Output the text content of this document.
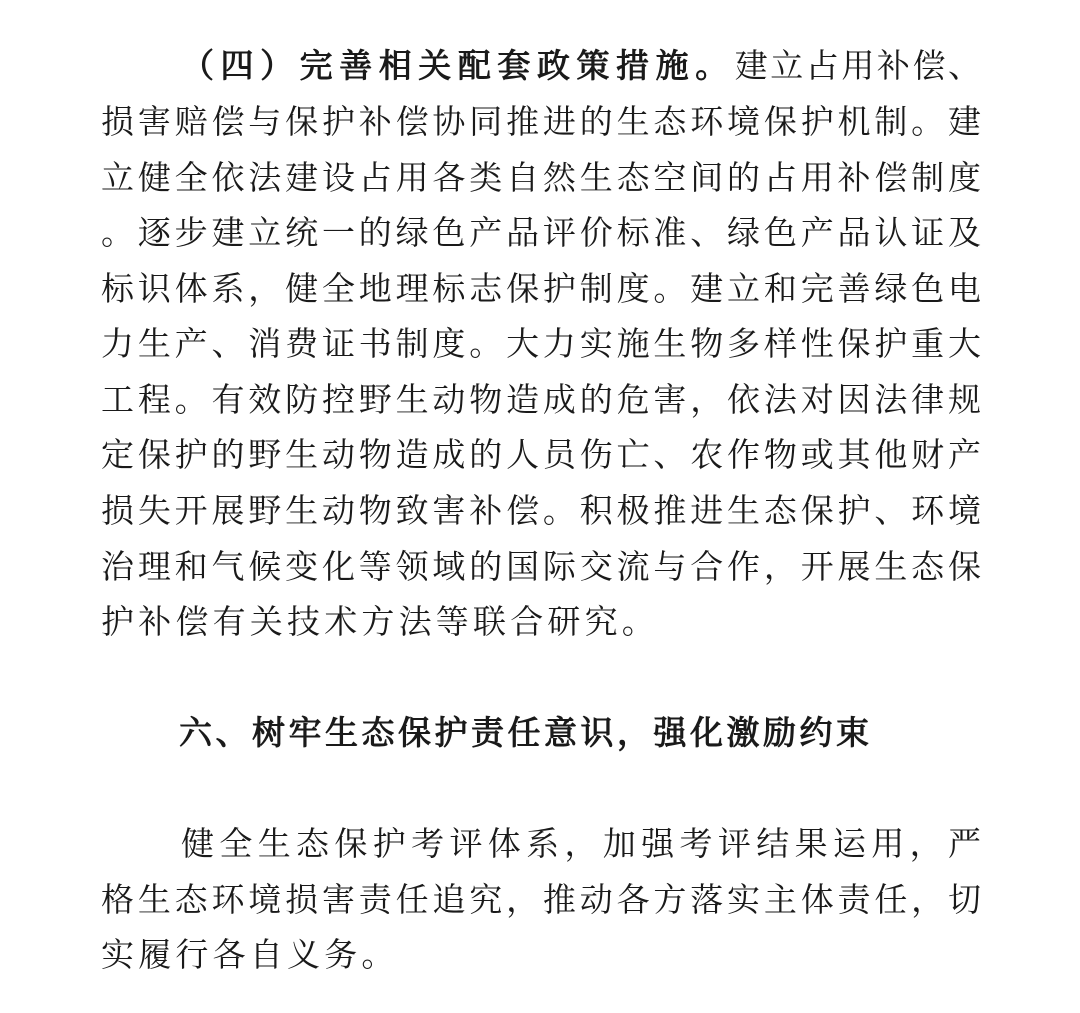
（四）完善相关配套政策措施。建立占用补偿、
损害赔偿与保护补偿协同推进的生态环境保护机制。建
立健全依法建设占用各类自然生态空间的占用补偿制度
。逐步建立统一的绿色产品评价标准、绿色产品认证及
标识体系，健全地理标志保护制度。建立和完善绿色电
力生产、消费证书制度。大力实施生物多样性保护重大
工程。有效防控野生动物造成的危害，依法对因法律规
定保护的野生动物造成的人员伤亡、农作物或其他财产
损失开展野生动物致害补偿。积极推进生态保护、环境
治理和气候变化等领域的国际交流与合作，开展生态保
护补偿有关技术方法等联合研究。
六、树牢生态保护责任意识，强化激励约束
健全生态保护考评体系，加强考评结果运用，严
格生态环境损害责任追究，推动各方落实主体责任，切
实履行各自义务。
